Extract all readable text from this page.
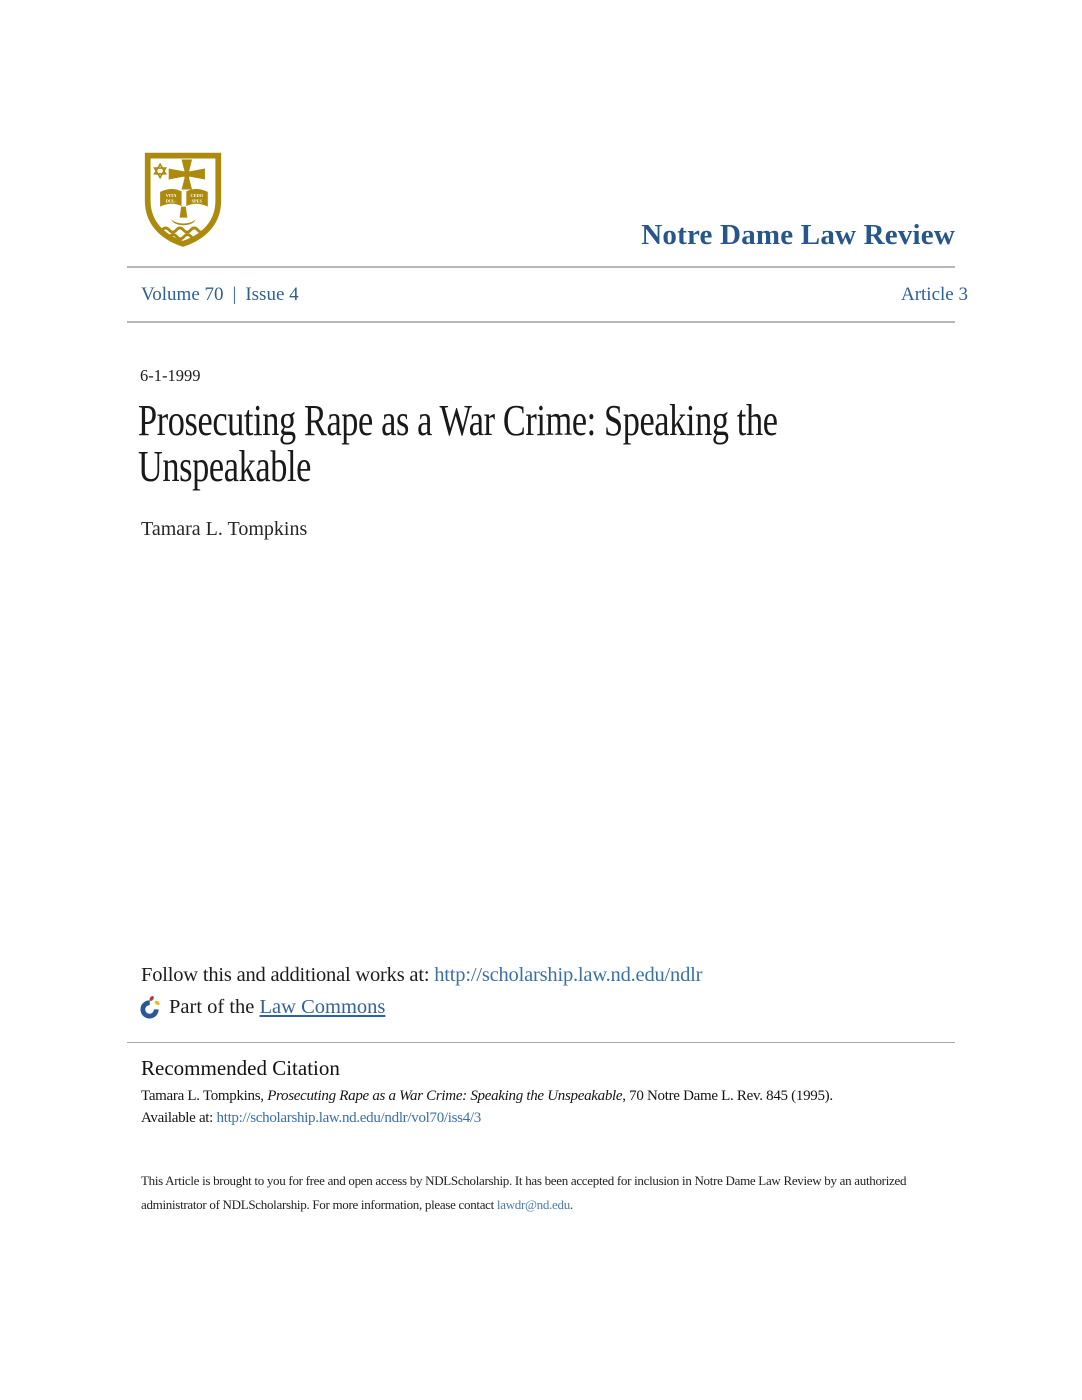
VITA
DUL-
CEDO
SPES
Notre Dame Law Review
Volume 70 | Issue 4	Article 3
6-1-1999
Prosecuting Rape as a War Crime: Speaking the Unspeakable
Tamara L. Tompkins
Follow this and additional works at: http://scholarship.law.nd.edu/ndlr
Part of the Law Commons
Recommended Citation

Tamara L. Tompkins, Prosecuting Rape as a War Crime: Speaking the Unspeakable, 70 Notre Dame L. Rev. 845 (1995).
Available at: http://scholarship.law.nd.edu/ndlr/vol70/iss4/3

This Article is brought to you for free and open access by NDLScholarship. It has been accepted for inclusion in Notre Dame Law Review by an authorized administrator of NDLScholarship. For more information, please contact lawdr@nd.edu.
